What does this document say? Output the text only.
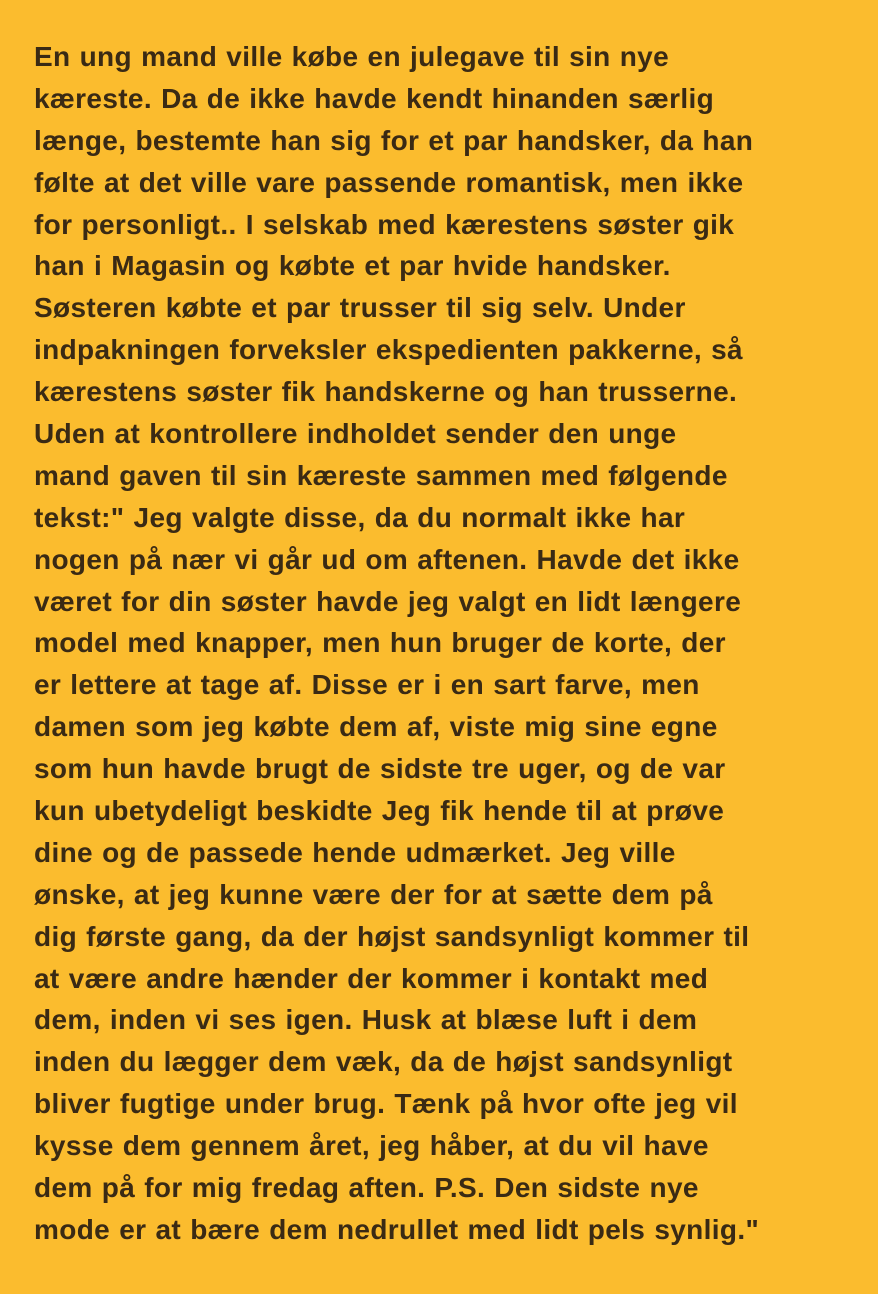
En ung mand ville købe en julegave til sin nye
kæreste. Da de ikke havde kendt hinanden særlig
længe, bestemte han sig for et par handsker, da han
følte at det ville vare passende romantisk, men ikke
for personligt.. I selskab med kærestens søster gik
han i Magasin og købte et par hvide handsker.
Søsteren købte et par trusser til sig selv. Under
indpakningen forveksler ekspedienten pakkerne, så
kærestens søster fik handskerne og han trusserne.
Uden at kontrollere indholdet sender den unge
mand gaven til sin kæreste sammen med følgende
tekst:" Jeg valgte disse, da du normalt ikke har
nogen på nær vi går ud om aftenen. Havde det ikke
været for din søster havde jeg valgt en lidt længere
model med knapper, men hun bruger de korte, der
er lettere at tage af. Disse er i en sart farve, men
damen som jeg købte dem af, viste mig sine egne
som hun havde brugt de sidste tre uger, og de var
kun ubetydeligt beskidte Jeg fik hende til at prøve
dine og de passede hende udmærket. Jeg ville
ønske, at jeg kunne være der for at sætte dem på
dig første gang, da der højst sandsynligt kommer til
at være andre hænder der kommer i kontakt med
dem, inden vi ses igen. Husk at blæse luft i dem
inden du lægger dem væk, da de højst sandsynligt
bliver fugtige under brug. Tænk på hvor ofte jeg vil
kysse dem gennem året, jeg håber, at du vil have
dem på for mig fredag aften. P.S. Den sidste nye
mode er at bære dem nedrullet med lidt pels synlig."
